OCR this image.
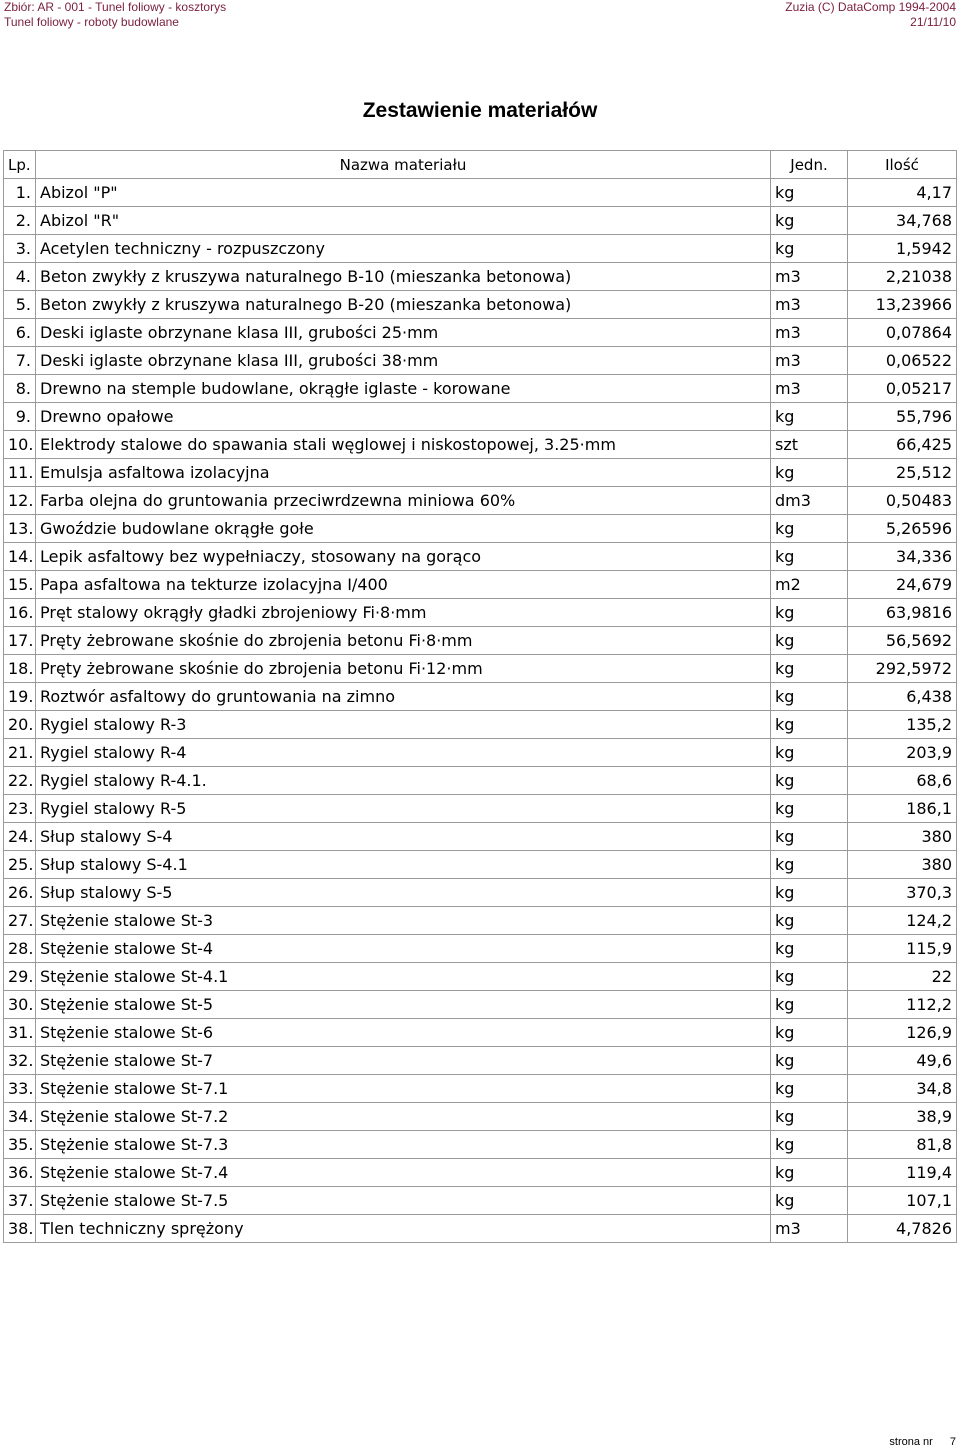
Zbiór: AR - 001 - Tunel foliowy - kosztorys	Zuzia (C) DataComp 1994-2004
Tunel foliowy - roboty budowlane	21/11/10
Zestawienie materiałów
Lp.	Nazwa materiału	Jedn.	Ilość
1.	Abizol "P"	kg	4,17
2.	Abizol "R"	kg	34,768
3.	Acetylen techniczny - rozpuszczony	kg	1,5942
4.	Beton zwykły z kruszywa naturalnego B-10 (mieszanka betonowa)	m3	2,21038
5.	Beton zwykły z kruszywa naturalnego B-20 (mieszanka betonowa)	m3	13,23966
6.	Deski iglaste obrzynane klasa III, grubości 25·mm	m3	0,07864
7.	Deski iglaste obrzynane klasa III, grubości 38·mm	m3	0,06522
8.	Drewno na stemple budowlane, okrągłe iglaste - korowane	m3	0,05217
9.	Drewno opałowe	kg	55,796
10.	Elektrody stalowe do spawania stali węglowej i niskostopowej, 3.25·mm	szt	66,425
11.	Emulsja asfaltowa izolacyjna	kg	25,512
12.	Farba olejna do gruntowania przeciwrdzewna miniowa 60%	dm3	0,50483
13.	Gwoździe budowlane okrągłe gołe	kg	5,26596
14.	Lepik asfaltowy bez wypełniaczy, stosowany na gorąco	kg	34,336
15.	Papa asfaltowa na tekturze izolacyjna I/400	m2	24,679
16.	Pręt stalowy okrągły gładki zbrojeniowy Fi·8·mm	kg	63,9816
17.	Pręty żebrowane skośnie do zbrojenia betonu Fi·8·mm	kg	56,5692
18.	Pręty żebrowane skośnie do zbrojenia betonu Fi·12·mm	kg	292,5972
19.	Roztwór asfaltowy do gruntowania na zimno	kg	6,438
20.	Rygiel stalowy R-3	kg	135,2
21.	Rygiel stalowy R-4	kg	203,9
22.	Rygiel stalowy R-4.1.	kg	68,6
23.	Rygiel stalowy R-5	kg	186,1
24.	Słup stalowy S-4	kg	380
25.	Słup stalowy S-4.1	kg	380
26.	Słup stalowy S-5	kg	370,3
27.	Stężenie stalowe St-3	kg	124,2
28.	Stężenie stalowe St-4	kg	115,9
29.	Stężenie stalowe St-4.1	kg	22
30.	Stężenie stalowe St-5	kg	112,2
31.	Stężenie stalowe St-6	kg	126,9
32.	Stężenie stalowe St-7	kg	49,6
33.	Stężenie stalowe St-7.1	kg	34,8
34.	Stężenie stalowe St-7.2	kg	38,9
35.	Stężenie stalowe St-7.3	kg	81,8
36.	Stężenie stalowe St-7.4	kg	119,4
37.	Stężenie stalowe St-7.5	kg	107,1
38.	Tlen techniczny sprężony	m3	4,7826
strona nr 7
